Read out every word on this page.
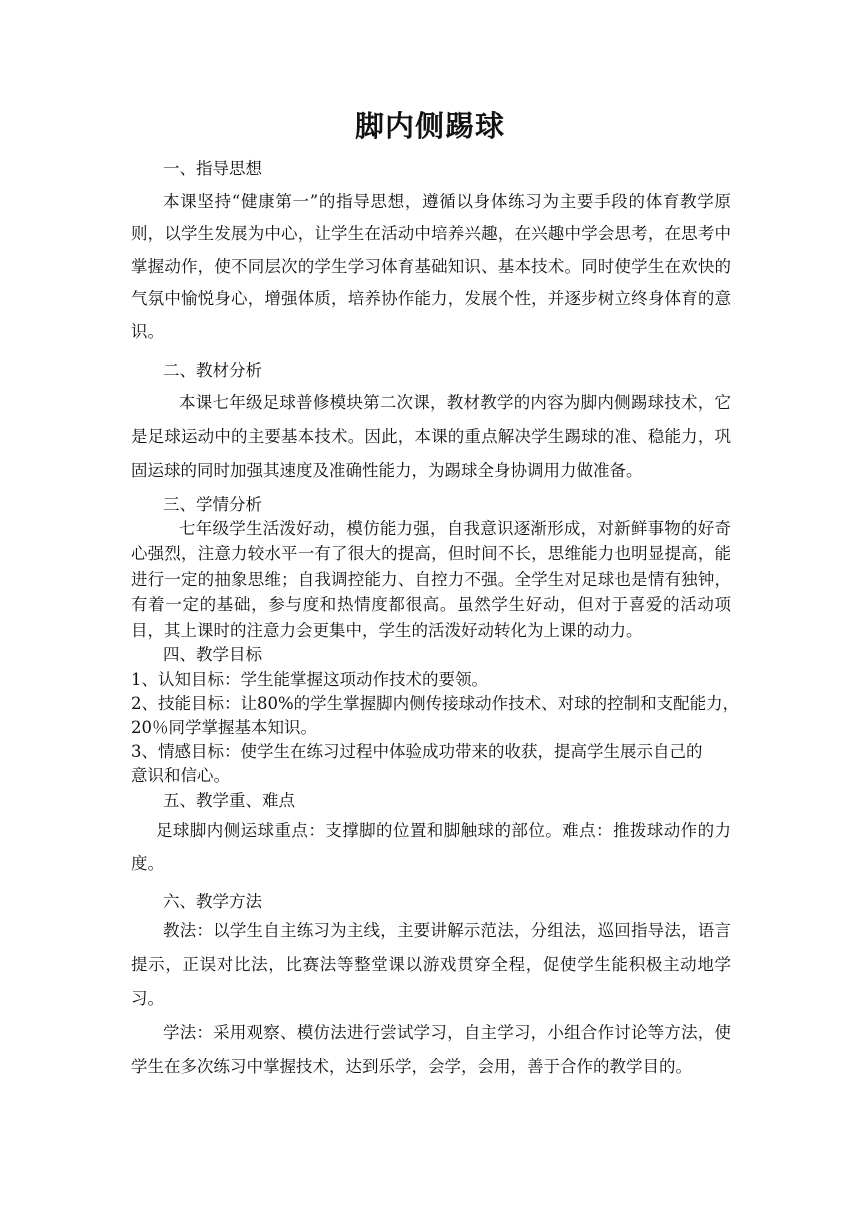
脚内侧踢球
一、指导思想
本课坚持“健康第一”的指导思想，遵循以身体练习为主要手段的体育教学原则，以学生发展为中心，让学生在活动中培养兴趣，在兴趣中学会思考，在思考中掌握动作，使不同层次的学生学习体育基础知识、基本技术。同时使学生在欢快的气氛中愉悦身心，增强体质，培养协作能力，发展个性，并逐步树立终身体育的意识。
二、教材分析
本课七年级足球普修模块第二次课，教材教学的内容为脚内侧踢球技术，它是足球运动中的主要基本技术。因此，本课的重点解决学生踢球的准、稳能力，巩固运球的同时加强其速度及准确性能力，为踢球全身协调用力做准备。
三、学情分析
七年级学生活泼好动，模仿能力强，自我意识逐渐形成，对新鲜事物的好奇心强烈，注意力较水平一有了很大的提高，但时间不长，思维能力也明显提高，能进行一定的抽象思维；自我调控能力、自控力不强。全学生对足球也是情有独钟，有着一定的基础，参与度和热情度都很高。虽然学生好动，但对于喜爱的活动项目，其上课时的注意力会更集中，学生的活泼好动转化为上课的动力。
四、教学目标
1、认知目标：学生能掌握这项动作技术的要领。
2、技能目标：让80%的学生掌握脚内侧传接球动作技术、对球的控制和支配能力，
20％同学掌握基本知识。
3、情感目标：使学生在练习过程中体验成功带来的收获，提高学生展示自己的
意识和信心。
五、教学重、难点
足球脚内侧运球重点：支撑脚的位置和脚触球的部位。难点：推拨球动作的力度。
六、教学方法
教法：以学生自主练习为主线，主要讲解示范法，分组法，巡回指导法，语言提示，正误对比法，比赛法等整堂课以游戏贯穿全程，促使学生能积极主动地学习。
学法：采用观察、模仿法进行尝试学习，自主学习，小组合作讨论等方法，使学生在多次练习中掌握技术，达到乐学，会学，会用，善于合作的教学目的。
